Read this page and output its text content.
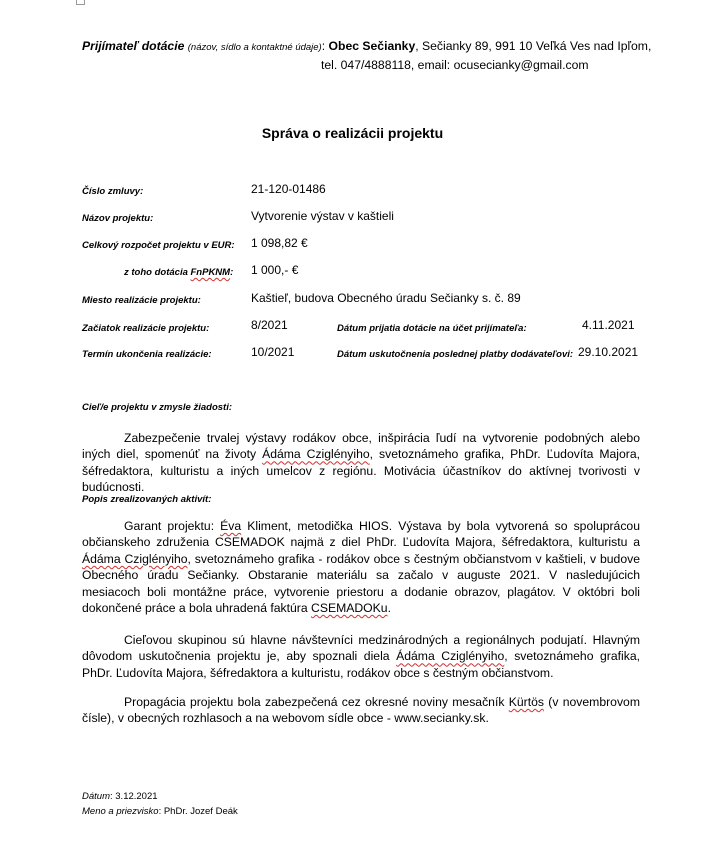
Prijímateľ dotácie (názov, sídlo a kontaktné údaje): Obec Sečianky, Sečianky 89, 991 10 Veľká Ves nad Ipľom,
tel. 047/4888118, email: ocusecianky@gmail.com
Správa o realizácii projektu
Číslo zmluvy:	21-120-01486
Názov projektu:	Vytvorenie výstav v kaštieli
Celkový rozpočet projektu v EUR: 1 098,82 €
z toho dotácia FnPKNM: 1 000,- €
Miesto realizácie projektu:	Kaštieľ, budova Obecného úradu Sečianky s. č. 89
Začiatok realizácie projektu:	8/2021	Dátum prijatia dotácie na účet prijímateľa:	4.11.2021
Termín ukončenia realizácie:	10/2021	Dátum uskutočnenia poslednej platby dodávateľovi: 29.10.2021
Cieľ/e projektu v zmysle žiadosti:

Zabezpečenie trvalej výstavy rodákov obce, inšpirácia ľudí na vytvorenie podobných alebo iných diel, spomenúť na životy Ádáma Cziglényiho, svetoznámeho grafika, PhDr. Ľudovíta Majora, šéfredaktora, kulturistu a iných umelcov z regiónu. Motivácia účastníkov do aktívnej tvorivosti v budúcnosti.

Popis zrealizovaných aktivít:

Garant projektu: Éva Kliment, metodička HIOS. Výstava by bola vytvorená so spoluprácou občianskeho združenia CSEMADOK najmä z diel PhDr. Ľudovíta Majora, šéfredaktora, kulturistu a Ádáma Cziglényiho, svetoznámeho grafika - rodákov obce s čestným občianstvom v kaštieli, v budove Obecného úradu Sečianky. Obstaranie materiálu sa začalo v auguste 2021. V nasledujúcich mesiacoch boli montážne práce, vytvorenie priestoru a dodanie obrazov, plagátov. V októbri boli dokončené práce a bola uhradená faktúra CSEMADOKu.

Cieľovou skupinou sú hlavne návštevníci medzinárodných a regionálnych podujatí. Hlavným dôvodom uskutočnenia projektu je, aby spoznali diela Ádáma Cziglényiho, svetoznámeho grafika, PhDr. Ľudovíta Majora, šéfredaktora a kulturistu, rodákov obce s čestným občianstvom.

Propagácia projektu bola zabezpečená cez okresné noviny mesačník Kürtös (v novembrovom čísle), v obecných rozhlasoch a na webovom sídle obce - www.secianky.sk.

Dátum: 3.12.2021
Meno a priezvisko: PhDr. Jozef Deák
